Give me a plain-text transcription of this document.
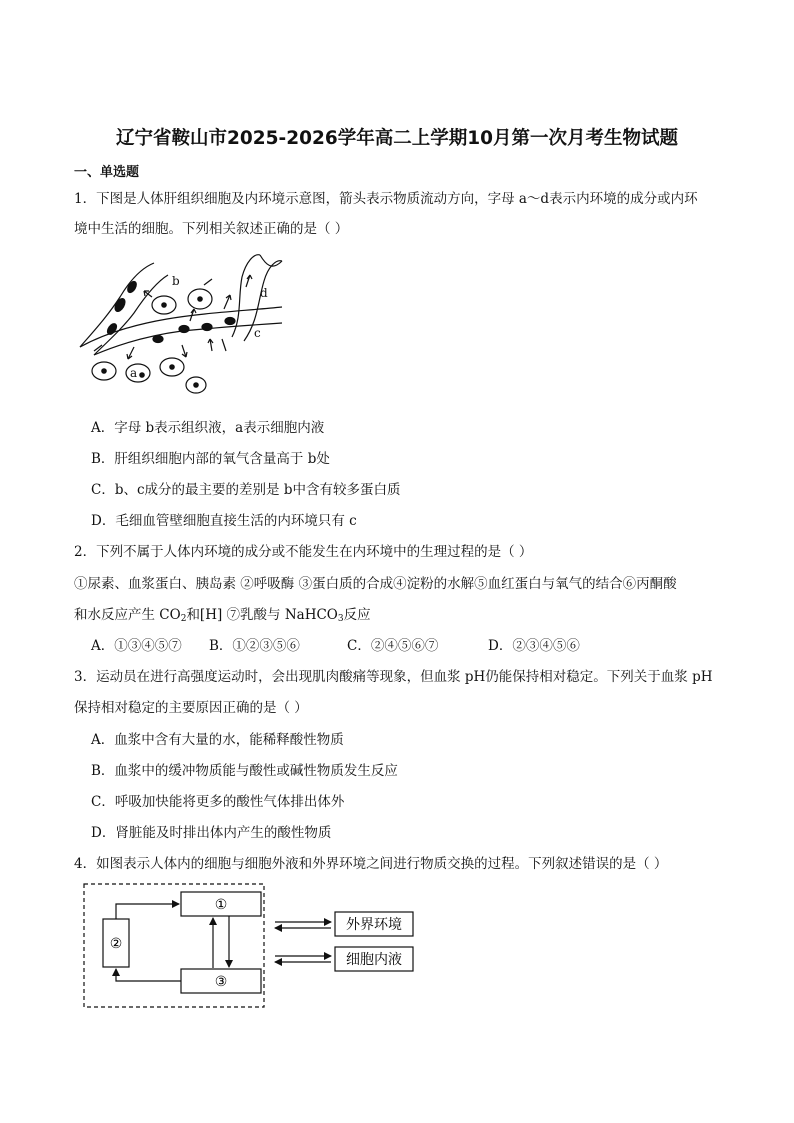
辽宁省鞍山市2025-2026学年高二上学期10月第一次月考生物试题
一、单选题
1．下图是人体肝组织细胞及内环境示意图，箭头表示物质流动方向，字母 a～d表示内环境的成分或内环
境中生活的细胞。下列相关叙述正确的是（ ）
b
d
c
a
A．字母 b表示组织液，a表示细胞内液
B．肝组织细胞内部的氧气含量高于 b处
C．b、c成分的最主要的差别是 b中含有较多蛋白质
D．毛细血管壁细胞直接生活的内环境只有 c
2．下列不属于人体内环境的成分或不能发生在内环境中的生理过程的是（ ）
①尿素、血浆蛋白、胰岛素 ②呼吸酶 ③蛋白质的合成④淀粉的水解⑤血红蛋白与氧气的结合⑥丙酮酸
和水反应产生 $CO_2$和[H] ⑦乳酸与 NaHCO$_3$反应
A．①③④⑤⑦ B．①②③⑤⑥	C．②④⑤⑥⑦	D．②③④⑤⑥
3．运动员在进行高强度运动时，会出现肌肉酸痛等现象，但血浆 pH仍能保持相对稳定。下列关于血浆 pH
保持相对稳定的主要原因正确的是（ ）
A．血浆中含有大量的水，能稀释酸性物质
B．血浆中的缓冲物质能与酸性或碱性物质发生反应
C．呼吸加快能将更多的酸性气体排出体外
D．肾脏能及时排出体内产生的酸性物质
4．如图表示人体内的细胞与细胞外液和外界环境之间进行物质交换的过程。下列叙述错误的是（ ）
①
②
③
外界环境
细胞内液
